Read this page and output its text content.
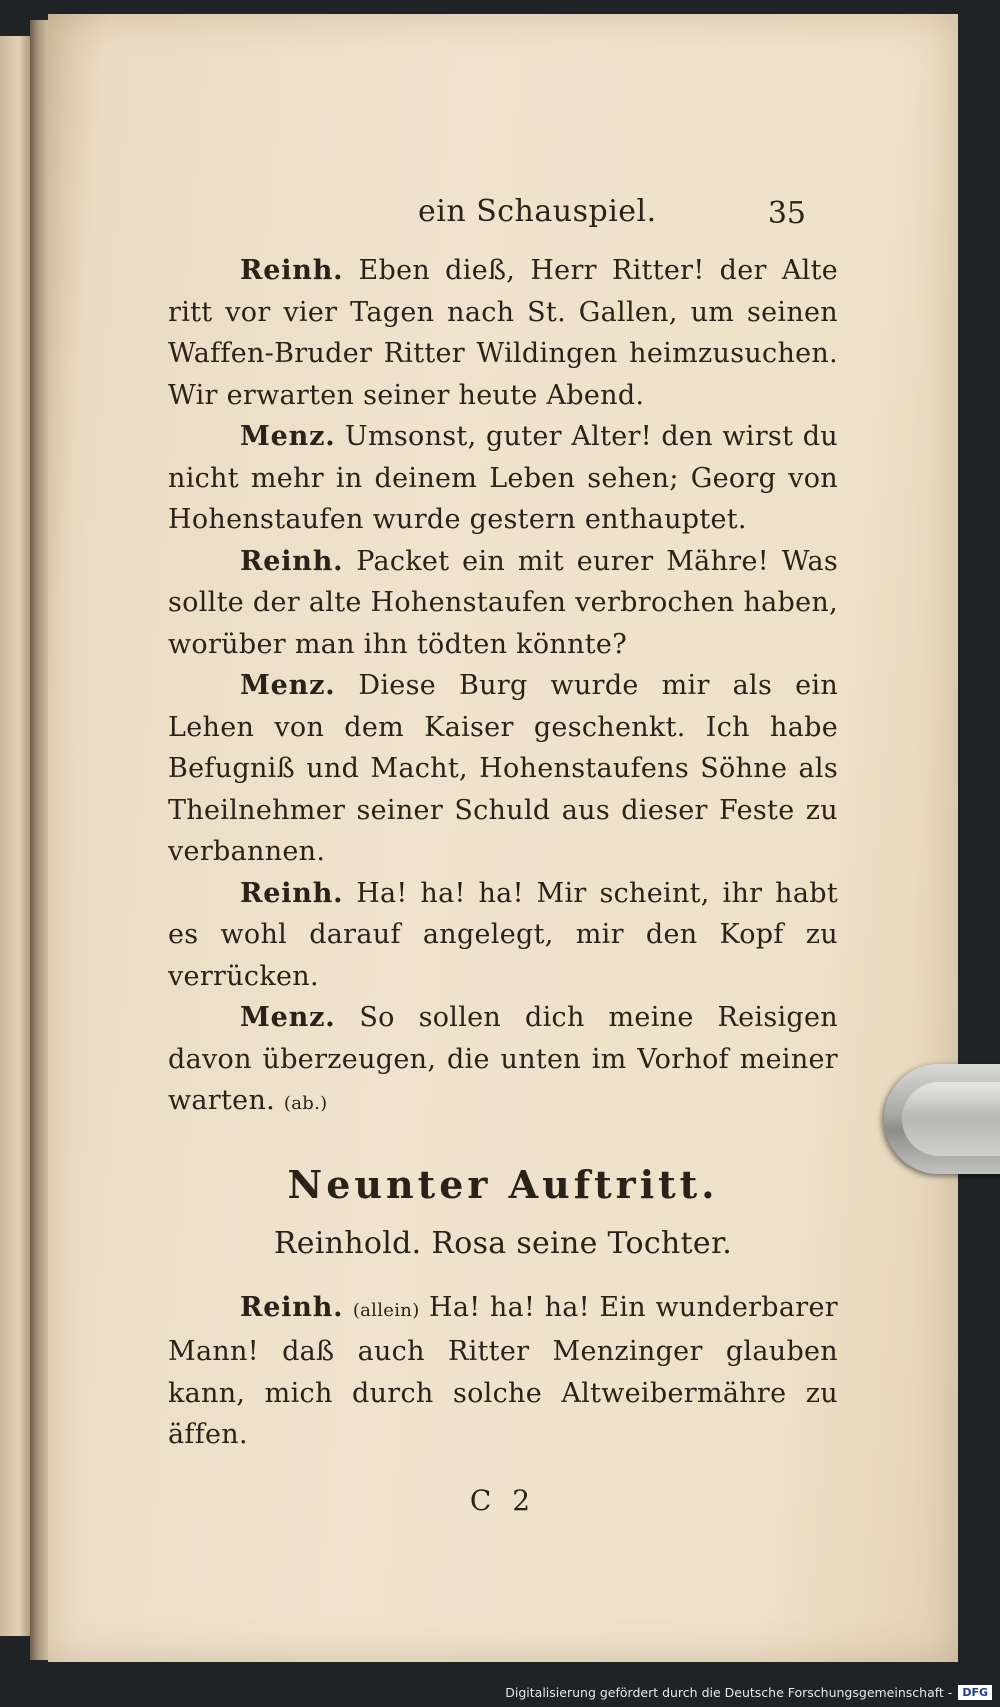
ein Schauspiel.	35

Reinh. Eben dieß, Herr Ritter! der Alte ritt vor vier Tagen nach St. Gallen, um seinen Waffen-Bruder Ritter Wildingen heimzusuchen. Wir erwarten seiner heute Abend.

Menz. Umsonst, guter Alter! den wirst du nicht mehr in deinem Leben sehen; Georg von Hohenstaufen wurde gestern enthauptet.

Reinh. Packet ein mit eurer Mähre! Was sollte der alte Hohenstaufen verbrochen haben, worüber man ihn tödten könnte?

Menz. Diese Burg wurde mir als ein Lehen von dem Kaiser geschenkt. Ich habe Befugniß und Macht, Hohenstaufens Söhne als Theilnehmer seiner Schuld aus dieser Feste zu verbannen.

Reinh. Ha! ha! ha! Mir scheint, ihr habt es wohl darauf angelegt, mir den Kopf zu verrücken.

Menz. So sollen dich meine Reisigen davon überzeugen, die unten im Vorhof meiner warten. (ab.)

Neunter Auftritt.

Reinhold. Rosa seine Tochter.

Reinh. (allein) Ha! ha! ha! Ein wunderbarer Mann! daß auch Ritter Menzinger glauben kann, mich durch solche Altweibermähre zu äffen.

C 2

Digitalisierung gefördert durch die Deutsche Forschungsgemeinschaft - DFG
